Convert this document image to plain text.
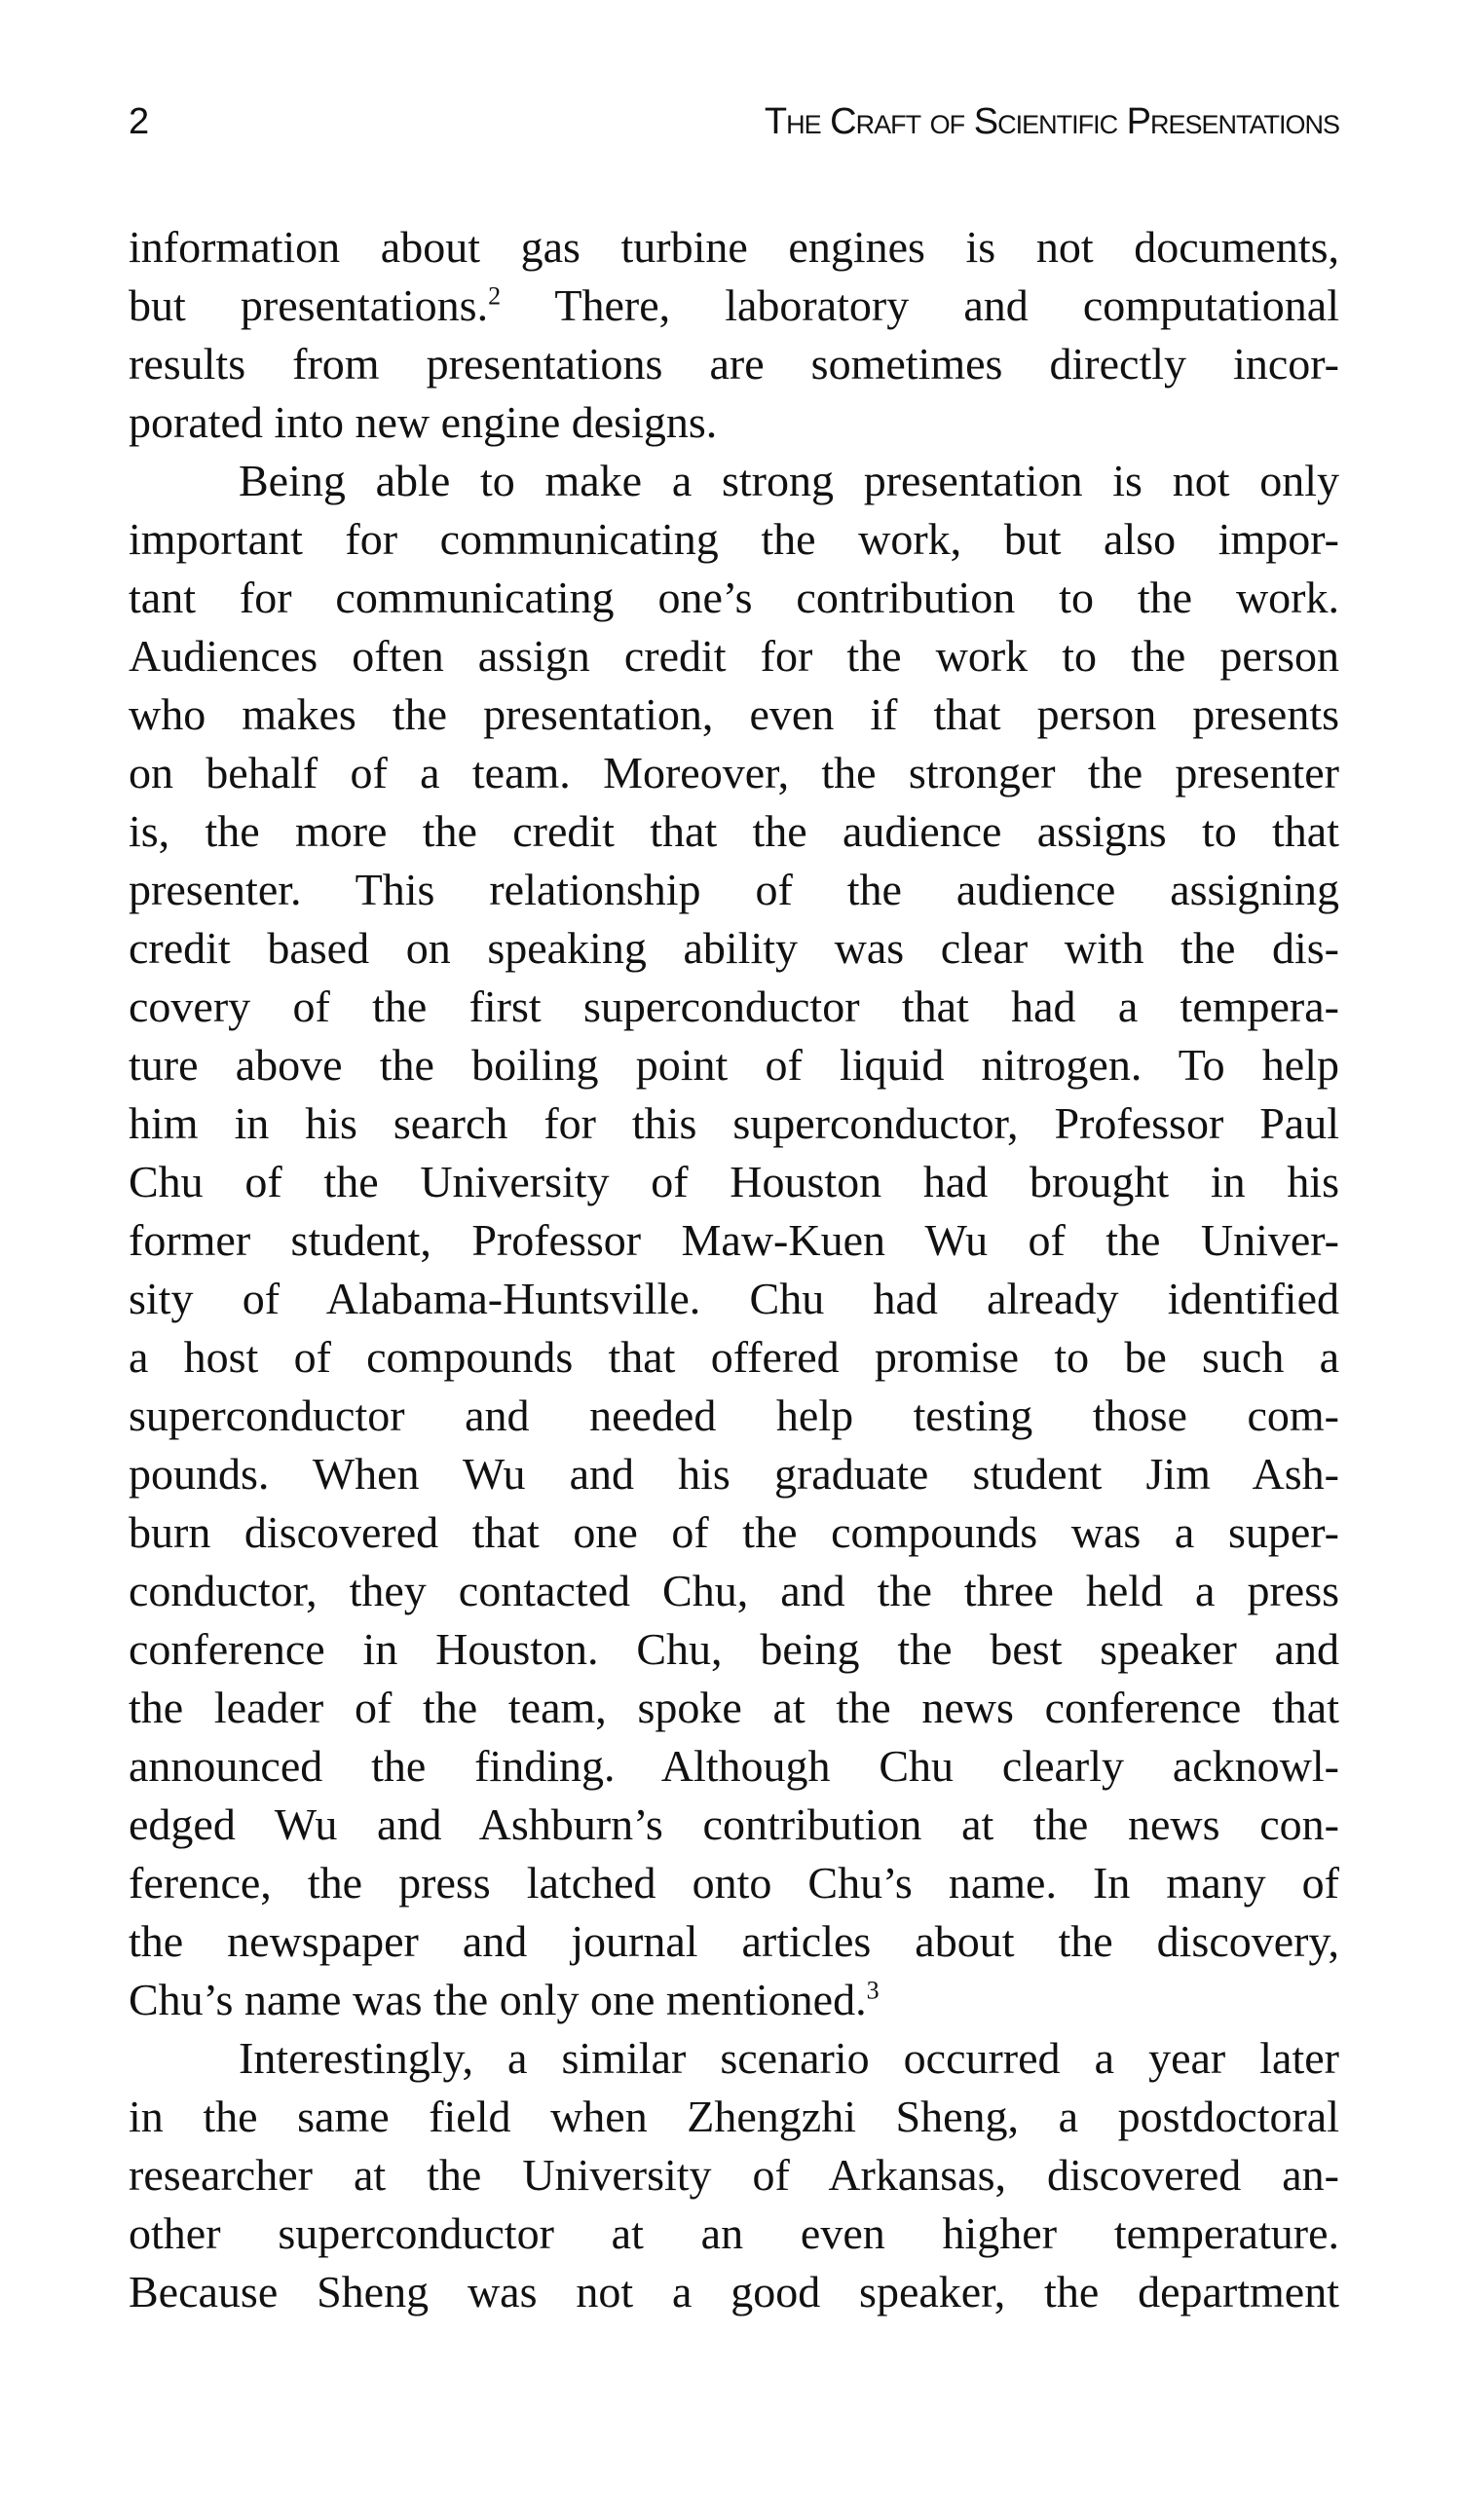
2	The Craft of Scientific Presentations
information about gas turbine engines is not documents,
but presentations.$^2$ There, laboratory and computational
results from presentations are sometimes directly incor-
porated into new engine designs.
Being able to make a strong presentation is not only
important for communicating the work, but also impor-
tant for communicating one’s contribution to the work.
Audiences often assign credit for the work to the person
who makes the presentation, even if that person presents
on behalf of a team. Moreover, the stronger the presenter
is, the more the credit that the audience assigns to that
presenter. This relationship of the audience assigning
credit based on speaking ability was clear with the dis-
covery of the first superconductor that had a tempera-
ture above the boiling point of liquid nitrogen. To help
him in his search for this superconductor, Professor Paul
Chu of the University of Houston had brought in his
former student, Professor Maw-Kuen Wu of the Univer-
sity of Alabama-Huntsville. Chu had already identified
a host of compounds that offered promise to be such a
superconductor and needed help testing those com-
pounds. When Wu and his graduate student Jim Ash-
burn discovered that one of the compounds was a super-
conductor, they contacted Chu, and the three held a press
conference in Houston. Chu, being the best speaker and
the leader of the team, spoke at the news conference that
announced the finding. Although Chu clearly acknowl-
edged Wu and Ashburn’s contribution at the news con-
ference, the press latched onto Chu’s name. In many of
the newspaper and journal articles about the discovery,
Chu’s name was the only one mentioned.$^3$
Interestingly, a similar scenario occurred a year later
in the same field when Zhengzhi Sheng, a postdoctoral
researcher at the University of Arkansas, discovered an-
other superconductor at an even higher temperature.
Because Sheng was not a good speaker, the department
